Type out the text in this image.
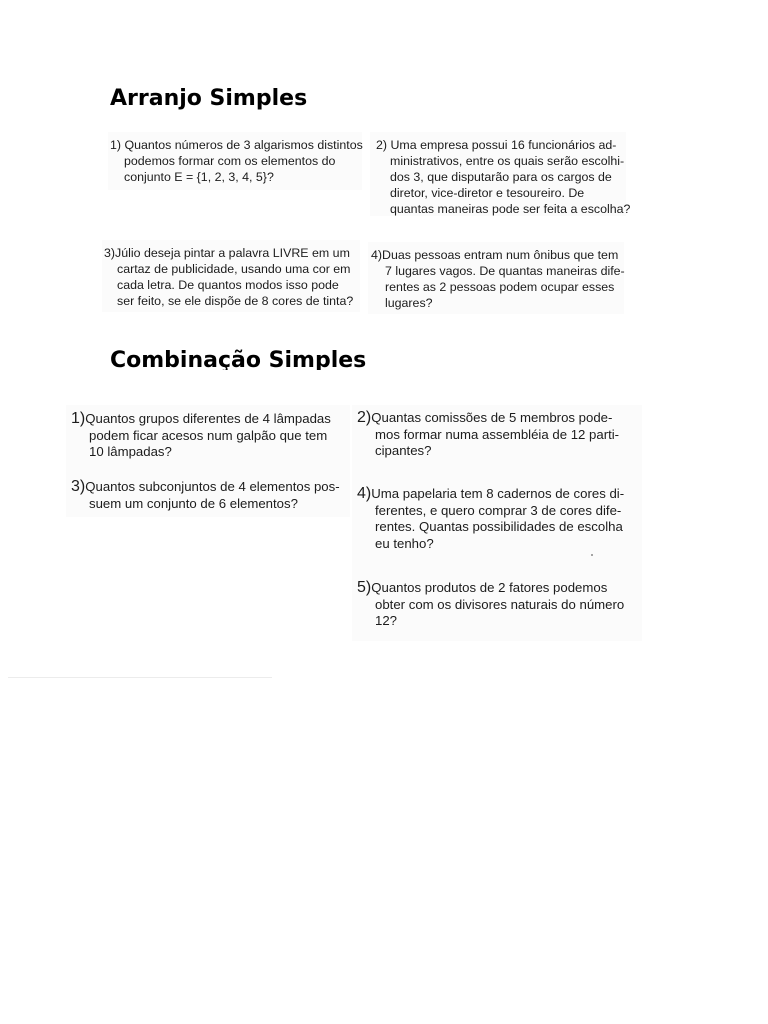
Arranjo Simples
Combinação Simples
1) Quantos números de 3 algarismos distintos
podemos formar com os elementos do
conjunto E = {1, 2, 3, 4, 5}?
2) Uma empresa possui 16 funcionários ad-
ministrativos, entre os quais serão escolhi-
dos 3, que disputarão para os cargos de
diretor, vice-diretor e tesoureiro. De
quantas maneiras pode ser feita a escolha?
3)Júlio deseja pintar a palavra LIVRE em um
cartaz de publicidade, usando uma cor em
cada letra. De quantos modos isso pode
ser feito, se ele dispõe de 8 cores de tinta?
4)Duas pessoas entram num ônibus que tem
7 lugares vagos. De quantas maneiras dife-
rentes as 2 pessoas podem ocupar esses
lugares?
1)Quantos grupos diferentes de 4 lâmpadas
podem ficar acesos num galpão que tem
10 lâmpadas?
2)Quantas comissões de 5 membros pode-
mos formar numa assembléia de 12 parti-
cipantes?
3)Quantos subconjuntos de 4 elementos pos-
suem um conjunto de 6 elementos?
4)Uma papelaria tem 8 cadernos de cores di-
ferentes, e quero comprar 3 de cores dife-
rentes. Quantas possibilidades de escolha
eu tenho?
5)Quantos produtos de 2 fatores podemos
obter com os divisores naturais do número
12?
